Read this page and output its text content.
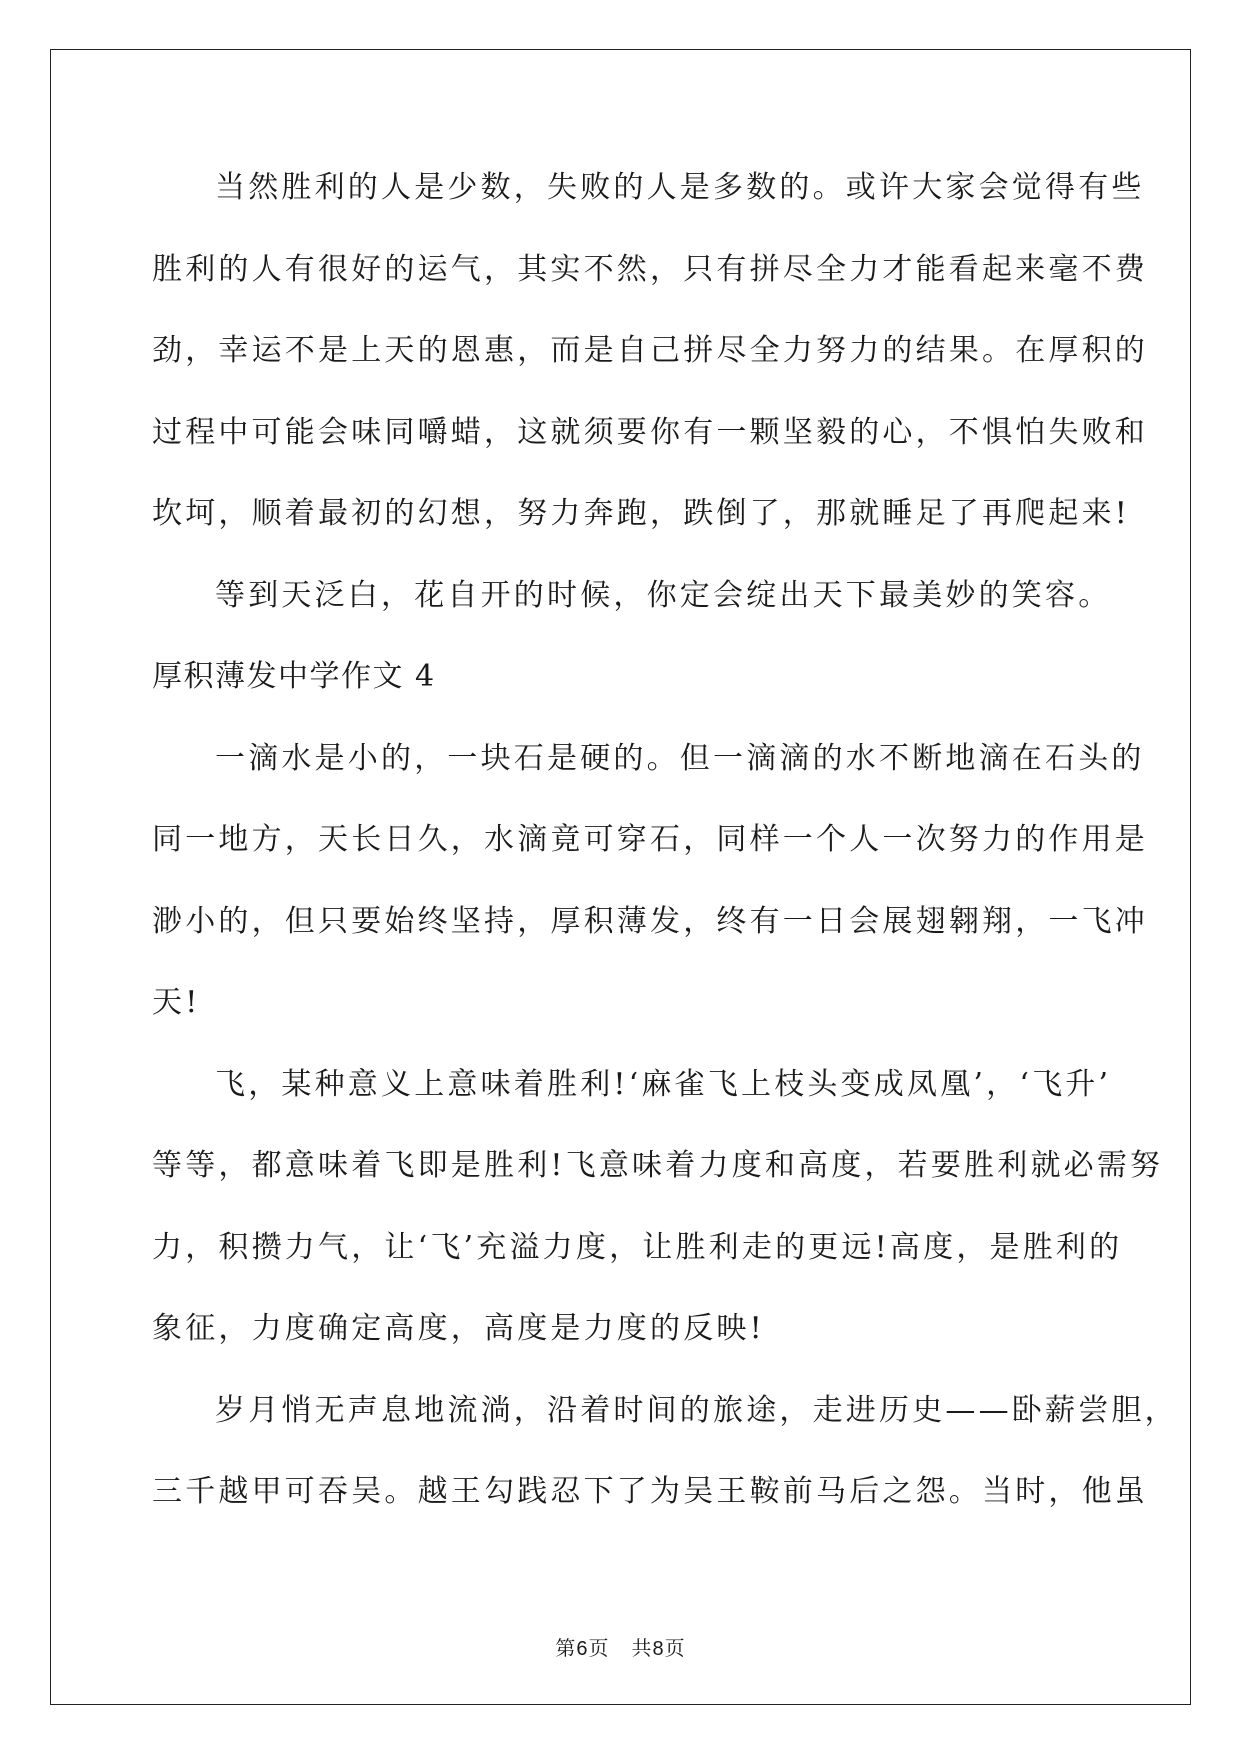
当然胜利的人是少数，失败的人是多数的。或许大家会觉得有些
胜利的人有很好的运气，其实不然，只有拼尽全力才能看起来毫不费
劲，幸运不是上天的恩惠，而是自己拼尽全力努力的结果。在厚积的
过程中可能会味同嚼蜡，这就须要你有一颗坚毅的心，不惧怕失败和
坎坷，顺着最初的幻想，努力奔跑，跌倒了，那就睡足了再爬起来!
等到天泛白，花自开的时候，你定会绽出天下最美妙的笑容。
厚积薄发中学作文 4
一滴水是小的，一块石是硬的。但一滴滴的水不断地滴在石头的
同一地方，天长日久，水滴竟可穿石，同样一个人一次努力的作用是
渺小的，但只要始终坚持，厚积薄发，终有一日会展翅翱翔，一飞冲
天!
飞，某种意义上意味着胜利!‘麻雀飞上枝头变成凤凰’，‘飞升’
等等，都意味着飞即是胜利!飞意味着力度和高度，若要胜利就必需努
力，积攒力气，让‘飞’充溢力度，让胜利走的更远!高度，是胜利的
象征，力度确定高度，高度是力度的反映!
岁月悄无声息地流淌，沿着时间的旅途，走进历史——卧薪尝胆，
三千越甲可吞吴。越王勾践忍下了为吴王鞍前马后之怨。当时，他虽
第6页 共8页
